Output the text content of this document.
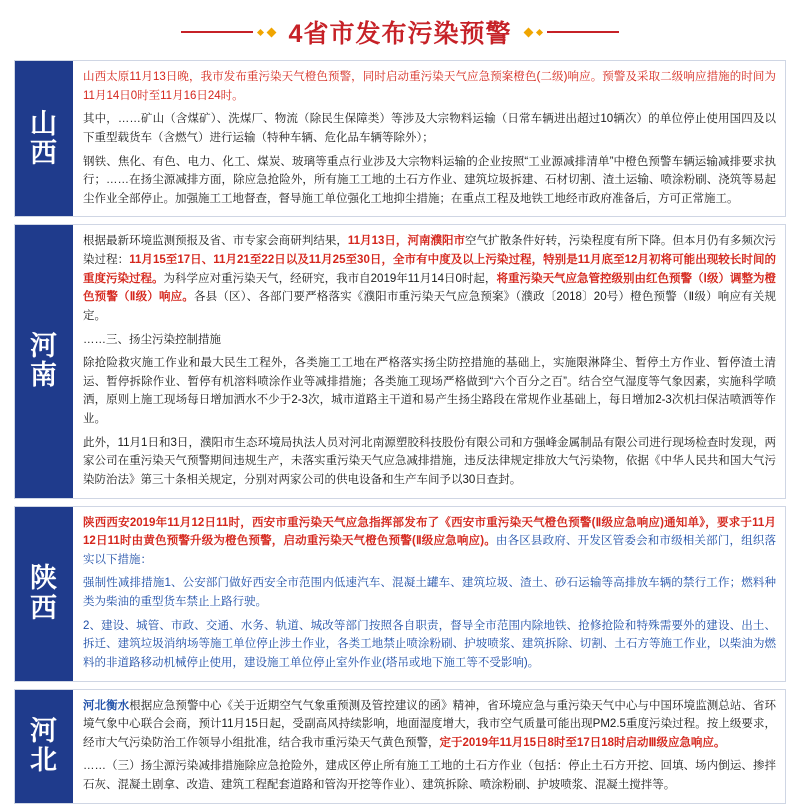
4省市发布污染预警
山
西

山西太原11月13日晚，我市发布重污染天气橙色预警，同时启动重污染天气应急预案橙色(二级)响应。预警及采取二级响应措施的时间为11月14日0时至11月16日24时。

其中，……矿山（含煤矿）、洗煤厂、物流（除民生保障类）等涉及大宗物料运输（日常车辆进出超过10辆次）的单位停止使用国四及以下重型载货车（含燃气）进行运输（特种车辆、危化品车辆等除外）；

钢铁、焦化、有色、电力、化工、煤炭、玻璃等重点行业涉及大宗物料运输的企业按照“工业源减排清单”中橙色预警车辆运输减排要求执行；……在扬尘源减排方面，除应急抢险外，所有施工工地的土石方作业、建筑垃圾拆建、石材切割、渣土运输、喷涂粉刷、浇筑等易起尘作业全部停止。加强施工工地督查，督导施工单位强化工地抑尘措施；在重点工程及地铁工地经市政府准备后，方可正常施工。

河
南

根据最新环境监测预报及省、市专家会商研判结果，11月13日，河南濮阳市空气扩散条件好转，污染程度有所下降。但本月仍有多频次污染过程：11月15至17日、11月21至22日以及11月25至30日，全市有中度及以上污染过程，特别是11月底至12月初将可能出现较长时间的重度污染过程。为科学应对重污染天气，经研究，我市自2019年11月14日0时起，将重污染天气应急管控级别由红色预警（Ⅰ级）调整为橙色预警（Ⅱ级）响应。各县（区）、各部门要严格落实《濮阳市重污染天气应急预案》（濮政〔2018〕20号）橙色预警（Ⅱ级）响应有关规定。

……三、扬尘污染控制措施

除抢险救灾施工作业和最大民生工程外，各类施工工地在严格落实扬尘防控措施的基础上，实施限淋降尘、暂停土方作业、暂停渣土清运、暂停拆除作业、暂停有机溶料喷涂作业等减排措施；各类施工现场严格做到“六个百分之百”。结合空气湿度等气象因素，实施科学喷洒，原则上施工现场每日增加洒水不少于2-3次，城市道路主干道和易产生扬尘路段在常规作业基础上，每日增加2-3次机扫保洁喷洒等作业。

此外，11月1日和3日，濮阳市生态环境局执法人员对河北南源塑胶科技股份有限公司和方强峰金属制品有限公司进行现场检查时发现，两家公司在重污染天气预警期间违规生产，未落实重污染天气应急减排措施，违反法律规定排放大气污染物，依据《中华人民共和国大气污染防治法》第三十条相关规定，分别对两家公司的供电设备和生产车间予以30日查封。

陕
西

陕西西安2019年11月12日11时，西安市重污染天气应急指挥部发布了《西安市重污染天气橙色预警(Ⅱ级应急响应)通知单》，要求于11月12日11时由黄色预警升级为橙色预警，启动重污染天气橙色预警(Ⅱ级应急响应)。由各区县政府、开发区管委会和市级相关部门，组织落实以下措施：

强制性减排措施1、公安部门做好西安全市范围内低速汽车、混凝土罐车、建筑垃圾、渣土、砂石运输等高排放车辆的禁行工作；燃料种类为柴油的重型货车禁止上路行驶。

2、建设、城管、市政、交通、水务、轨道、城改等部门按照各自职责，督导全市范围内除地铁、抢修抢险和特殊需要外的建设、出土、拆迁、建筑垃圾消纳场等施工单位停止涉土作业，各类工地禁止喷涂粉刷、护坡喷浆、建筑拆除、切割、土石方等施工作业，以柴油为燃料的非道路移动机械停止使用，建设施工单位停止室外作业(塔吊或地下施工等不受影响)。

河
北

河北衡水根据应急预警中心《关于近期空气气象重预测及管控建议的函》精神，省环境应急与重污染天气中心与中国环境监测总站、省环境气象中心联合会商，预计11月15日起，受副高风持续影响，地面湿度增大，我市空气质量可能出现PM2.5重度污染过程。按上级要求，经市大气污染防治工作领导小组批准，结合我市重污染天气黄色预警，定于2019年11月15日8时至17日18时启动Ⅲ级应急响应。

……（三）扬尘源污染减排措施除应急抢险外，建成区停止所有施工工地的土石方作业（包括：停止土石方开挖、回填、场内倒运、掺拌石灰、混凝土剧拿、改造、建筑工程配套道路和管沟开挖等作业）、建筑拆除、喷涂粉刷、护坡喷浆、混凝土搅拌等。
